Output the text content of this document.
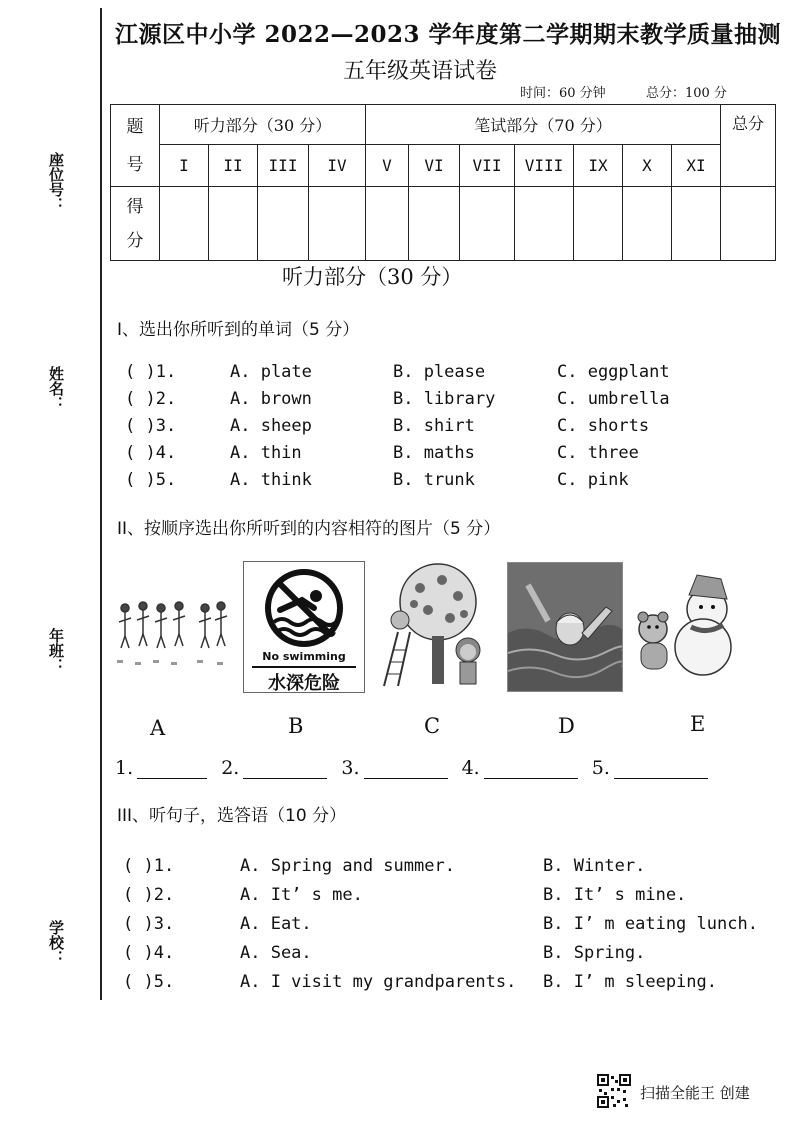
座位号：
姓名：
年班：
学校：
江源区中小学 2022—2023 学年度第二学期期末教学质量抽测
五年级英语试卷
时间：60 分钟	总分：100 分
题号	听力部分（30 分）				笔试部分（70 分）							总分
	I	II	III	IV	V	VI	VII	VIII	IX	X	XI	
得分												
听力部分（30 分）
I、选出你所听到的单词（5 分）
( )1.	A. plate	B. please	C. eggplant
( )2.	A. brown	B. library	C. umbrella
( )3.	A. sheep	B. shirt	C. shorts
( )4.	A. thin	B. maths	C. three
( )5.	A. think	B. trunk	C. pink
II、按顺序选出你所听到的内容相符的图片（5 分）
No swimming
水深危险
A	B	C	D	E
1.	2.	3.	4.	5.
III、听句子，选答语（10 分）
( )1.	A. Spring and summer.	B. Winter.
( )2.	A. It’ s me.	B. It’ s mine.
( )3.	A. Eat.	B. I’ m eating lunch.
( )4.	A. Sea.	B. Spring.
( )5.	A. I visit my grandparents. B. I’ m sleeping.
扫描全能王 创建
